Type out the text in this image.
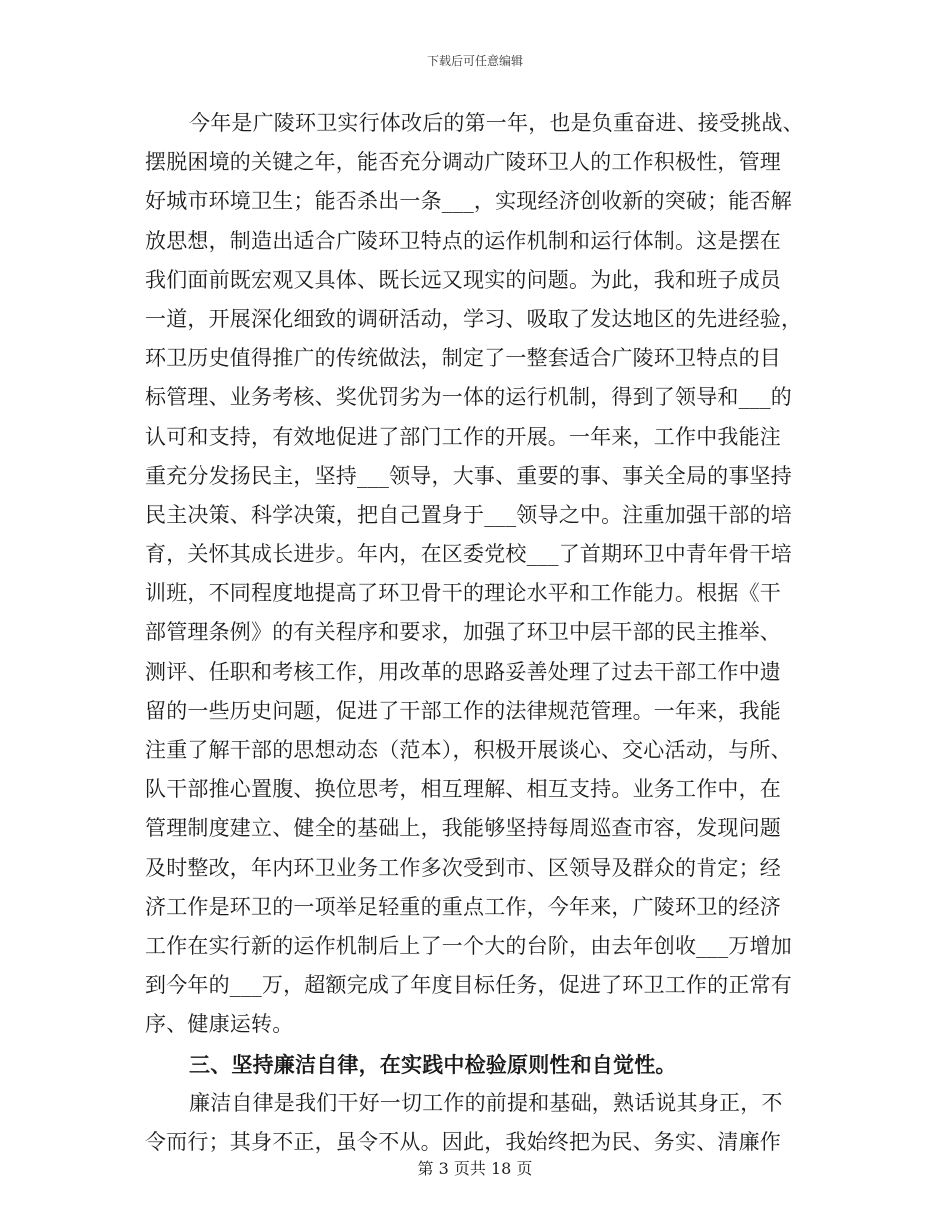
下载后可任意编辑
今年是广陵环卫实行体改后的第一年，也是负重奋进、接受挑战、
摆脱困境的关键之年，能否充分调动广陵环卫人的工作积极性，管理
好城市环境卫生；能否杀出一条___，实现经济创收新的突破；能否解
放思想，制造出适合广陵环卫特点的运作机制和运行体制。这是摆在
我们面前既宏观又具体、既长远又现实的问题。为此，我和班子成员
一道，开展深化细致的调研活动，学习、吸取了发达地区的先进经验，
环卫历史值得推广的传统做法，制定了一整套适合广陵环卫特点的目
标管理、业务考核、奖优罚劣为一体的运行机制，得到了领导和___的
认可和支持，有效地促进了部门工作的开展。一年来，工作中我能注
重充分发扬民主，坚持___领导，大事、重要的事、事关全局的事坚持
民主决策、科学决策，把自己置身于___领导之中。注重加强干部的培
育，关怀其成长进步。年内，在区委党校___了首期环卫中青年骨干培
训班，不同程度地提高了环卫骨干的理论水平和工作能力。根据《干
部管理条例》的有关程序和要求，加强了环卫中层干部的民主推举、
测评、任职和考核工作，用改革的思路妥善处理了过去干部工作中遗
留的一些历史问题，促进了干部工作的法律规范管理。一年来，我能
注重了解干部的思想动态（范本），积极开展谈心、交心活动，与所、
队干部推心置腹、换位思考，相互理解、相互支持。业务工作中，在
管理制度建立、健全的基础上，我能够坚持每周巡查市容，发现问题
及时整改，年内环卫业务工作多次受到市、区领导及群众的肯定；经
济工作是环卫的一项举足轻重的重点工作，今年来，广陵环卫的经济
工作在实行新的运作机制后上了一个大的台阶，由去年创收___万增加
到今年的___万，超额完成了年度目标任务，促进了环卫工作的正常有
序、健康运转。
三、坚持廉洁自律，在实践中检验原则性和自觉性。
廉洁自律是我们干好一切工作的前提和基础，熟话说其身正，不
令而行；其身不正，虽令不从。因此，我始终把为民、务实、清廉作
第 3 页共 18 页
